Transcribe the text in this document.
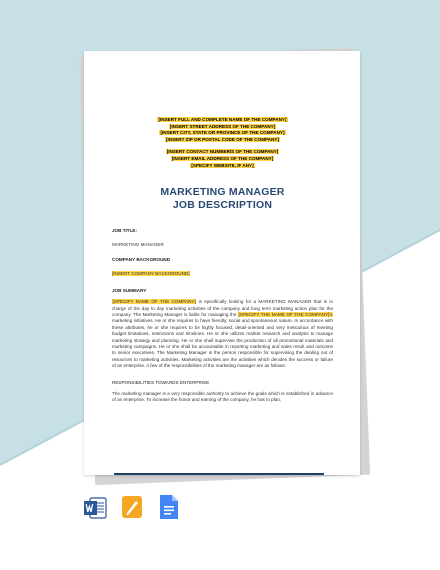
[INSERT FULL AND COMPLETE NAME OF THE COMPANY]
[INSERT STREET ADDRESS OF THE COMPANY]
[INSERT CITY, STATE OR PROVINCE OF THE COMPANY]
[INSERT ZIP OR POSTAL CODE OF THE COMPANY]
[INSERT CONTACT NUMBER/S OF THE COMPANY]
[INSERT EMAIL ADDRESS OF THE COMPANY]
[SPECIFY WEBSITE, IF ANY]
MARKETING MANAGER
JOB DESCRIPTION
JOB TITLE:
MARKETING MANAGER
COMPANY BACKGROUND
[INSERT COMPANY BACKGROUND]
JOB SUMMARY
[SPECIFY NAME OF THE COMPANY] is specifically looking for a MARKETING MANAGER that is in charge of the day to day marketing activities of the company and long term marketing action plan for the company. The Marketing Manager is liable for managing the [SPECIFY THE NAME OF THE COMPANY]'s marketing initiatives. He or she requires to have friendly, social and spontaneous nature. In accordance with these attributes, he or she requires to be highly focused, detail-oriented and very meticulous of meeting budget limitations, restrictions and timelines. He or she utilizes market research and analysis to manage marketing strategy and planning. He or she shall supervise the production of all promotional materials and marketing campaigns. He or she shall be accountable in reporting marketing and sales result and outcome to senior executives. The Marketing Manager is the person responsible for supervising the dealing out of resources to marketing activities. Marketing activities are the activities which decides the success or failure of an enterprise. A few of the responsibilities of the marketing manager are as follows:
RESPONSIBILITIES TOWARDS ENTERPRISE
The marketing manager is a very responsible authority to achieve the goals which is established in advance of an enterprise. To increase the honor and earning of the company, he has to plan,
TEMPLATE.NET
